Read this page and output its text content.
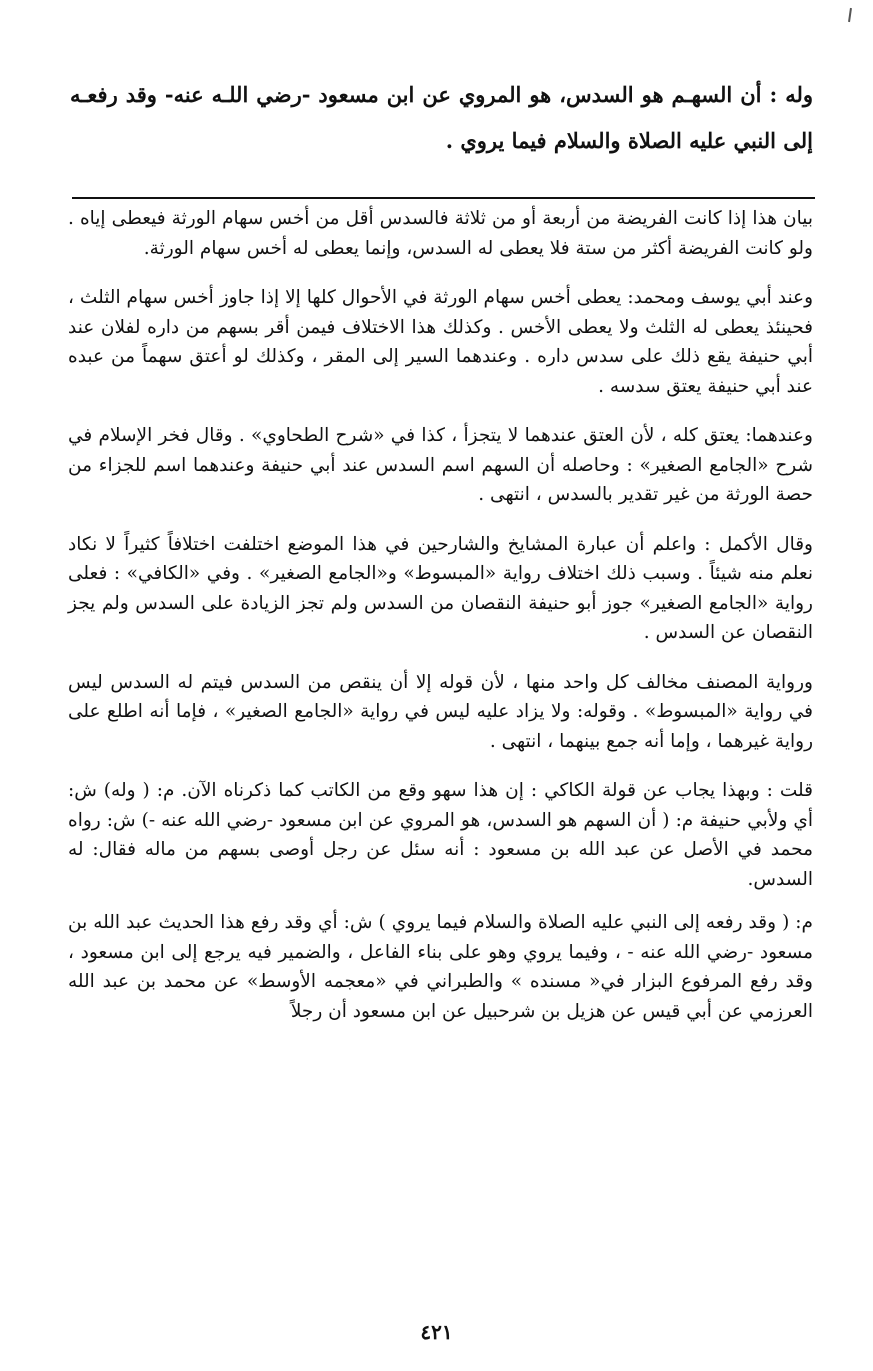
وله : أن السهـم هو السدس، هو المروي عن ابن مسعود -رضي اللـه عنه- وقد رفعـه إلى النبي عليه الصلاة والسلام فيما يروي .

بيان هذا إذا كانت الفريضة من أربعة أو من ثلاثة فالسدس أقل من أخس سهام الورثة فيعطى إياه . ولو كانت الفريضة أكثر من ستة فلا يعطى له السدس، وإنما يعطى له أخس سهام الورثة.

وعند أبي يوسف ومحمد: يعطى أخس سهام الورثة في الأحوال كلها إلا إذا جاوز أخس سهام الثلث ، فحينئذ يعطى له الثلث ولا يعطى الأخس . وكذلك هذا الاختلاف فيمن أقر بسهم من داره لفلان عند أبي حنيفة يقع ذلك على سدس داره . وعندهما السير إلى المقر ، وكذلك لو أعتق سهماً من عبده عند أبي حنيفة يعتق سدسه .

وعندهما: يعتق كله ، لأن العتق عندهما لا يتجزأ ، كذا في «شرح الطحاوي» . وقال فخر الإسلام في شرح «الجامع الصغير» : وحاصله أن السهم اسم السدس عند أبي حنيفة وعندهما اسم للجزاء من حصة الورثة من غير تقدير بالسدس ، انتهى .

وقال الأكمل : واعلم أن عبارة المشايخ والشارحين في هذا الموضع اختلفت اختلافاً كثيراً لا نكاد نعلم منه شيئاً . وسبب ذلك اختلاف رواية «المبسوط» و«الجامع الصغير» . وفي «الكافي» : فعلى رواية «الجامع الصغير» جوز أبو حنيفة النقصان من السدس ولم تجز الزيادة على السدس ولم يجز النقصان عن السدس .

ورواية المصنف مخالف كل واحد منها ، لأن قوله إلا أن ينقص من السدس فيتم له السدس ليس في رواية «المبسوط» . وقوله: ولا يزاد عليه ليس في رواية «الجامع الصغير» ، فإما أنه اطلع على رواية غيرهما ، وإما أنه جمع بينهما ، انتهى .

قلت : وبهذا يجاب عن قولة الكاكي : إن هذا سهو وقع من الكاتب كما ذكرناه الآن. م: ( وله) ش: أي ولأبي حنيفة م: ( أن السهم هو السدس، هو المروي عن ابن مسعود -رضي الله عنه -) ش: رواه محمد في الأصل عن عبد الله بن مسعود : أنه سئل عن رجل أوصى بسهم من ماله فقال: له السدس.

م: ( وقد رفعه إلى النبي عليه الصلاة والسلام فيما يروي ) ش: أي وقد رفع هذا الحديث عبد الله بن مسعود -رضي الله عنه - ، وفيما يروي وهو على بناء الفاعل ، والضمير فيه يرجع إلى ابن مسعود ، وقد رفع المرفوع البزار في« مسنده » والطبراني في «معجمه الأوسط» عن محمد بن عبد الله العرزمي عن أبي قيس عن هزيل بن شرحبيل عن ابن مسعود أن رجلاً

٤٢١
